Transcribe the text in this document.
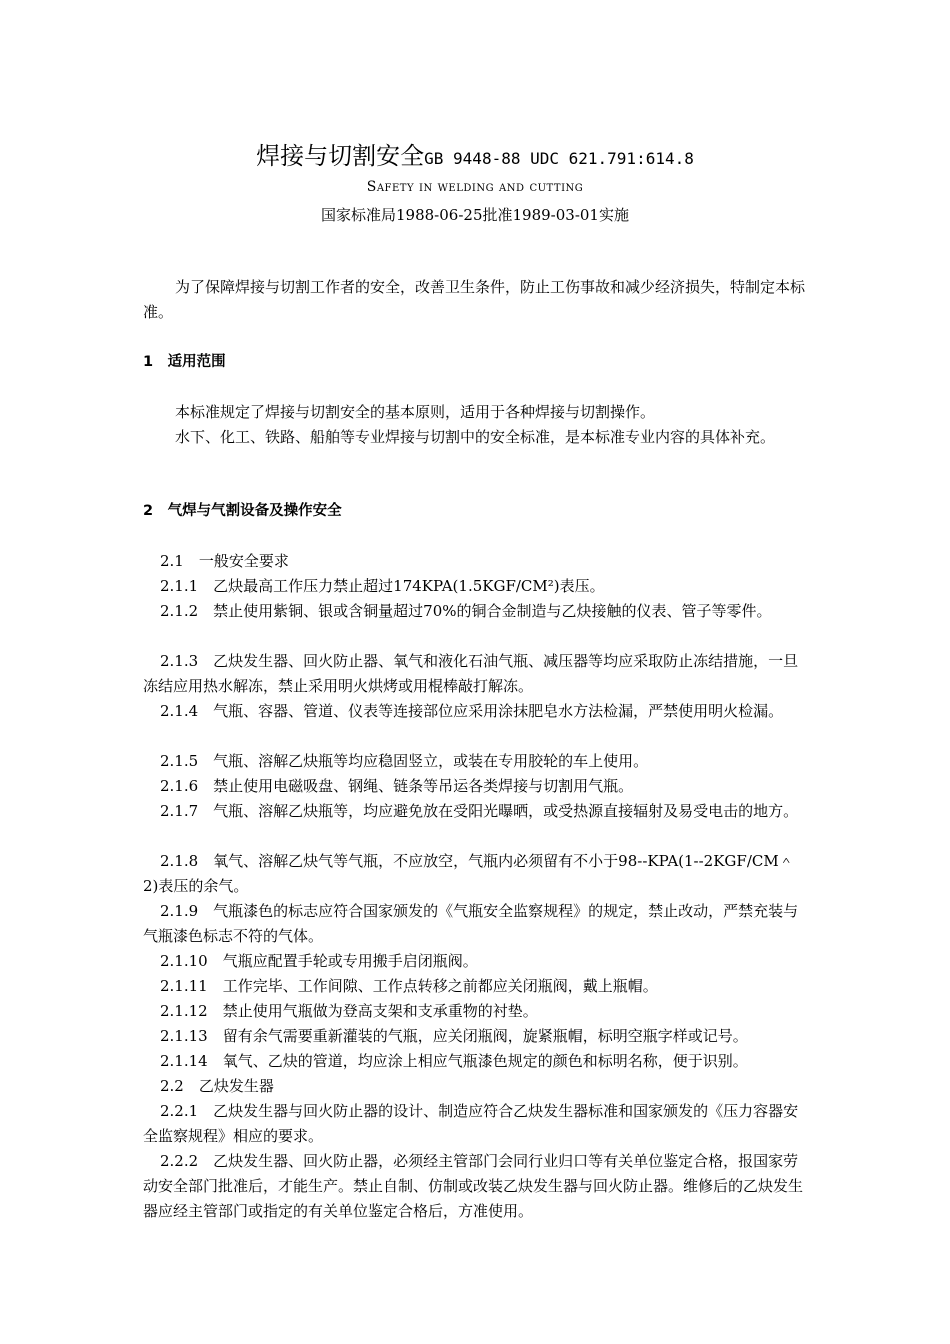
焊接与切割安全GB 9448-88 UDC 621.791:614.8
Safety in welding and cutting
国家标准局1988-06-25批准1989-03-01实施

为了保障焊接与切割工作者的安全，改善卫生条件，防止工伤事故和减少经济损失，特制定本标准。

1　适用范围

本标准规定了焊接与切割安全的基本原则，适用于各种焊接与切割操作。

水下、化工、铁路、船舶等专业焊接与切割中的安全标准，是本标准专业内容的具体补充。

2　气焊与气割设备及操作安全

2.1　一般安全要求

2.1.1　乙炔最高工作压力禁止超过174KPA(1.5KGF/CM²)表压。

2.1.2　禁止使用紫铜、银或含铜量超过70%的铜合金制造与乙炔接触的仪表、管子等零件。

2.1.3　乙炔发生器、回火防止器、氧气和液化石油气瓶、减压器等均应采取防止冻结措施，一旦冻结应用热水解冻，禁止采用明火烘烤或用棍棒敲打解冻。

2.1.4　气瓶、容器、管道、仪表等连接部位应采用涂抹肥皂水方法检漏，严禁使用明火检漏。

2.1.5　气瓶、溶解乙炔瓶等均应稳固竖立，或装在专用胶轮的车上使用。

2.1.6　禁止使用电磁吸盘、钢绳、链条等吊运各类焊接与切割用气瓶。

2.1.7　气瓶、溶解乙炔瓶等，均应避免放在受阳光曝晒，或受热源直接辐射及易受电击的地方。

2.1.8　氧气、溶解乙炔气等气瓶，不应放空，气瓶内必须留有不小于98--KPA(1--2KGF/CM＾2)表压的余气。

2.1.9　气瓶漆色的标志应符合国家颁发的《气瓶安全监察规程》的规定，禁止改动，严禁充装与气瓶漆色标志不符的气体。

2.1.10　气瓶应配置手轮或专用搬手启闭瓶阀。

2.1.11　工作完毕、工作间隙、工作点转移之前都应关闭瓶阀，戴上瓶帽。

2.1.12　禁止使用气瓶做为登高支架和支承重物的衬垫。

2.1.13　留有余气需要重新灌装的气瓶，应关闭瓶阀，旋紧瓶帽，标明空瓶字样或记号。

2.1.14　氧气、乙炔的管道，均应涂上相应气瓶漆色规定的颜色和标明名称，便于识别。

2.2　乙炔发生器

2.2.1　乙炔发生器与回火防止器的设计、制造应符合乙炔发生器标准和国家颁发的《压力容器安全监察规程》相应的要求。

2.2.2　乙炔发生器、回火防止器，必须经主管部门会同行业归口等有关单位鉴定合格，报国家劳动安全部门批准后，才能生产。禁止自制、仿制或改装乙炔发生器与回火防止器。维修后的乙炔发生器应经主管部门或指定的有关单位鉴定合格后，方准使用。
